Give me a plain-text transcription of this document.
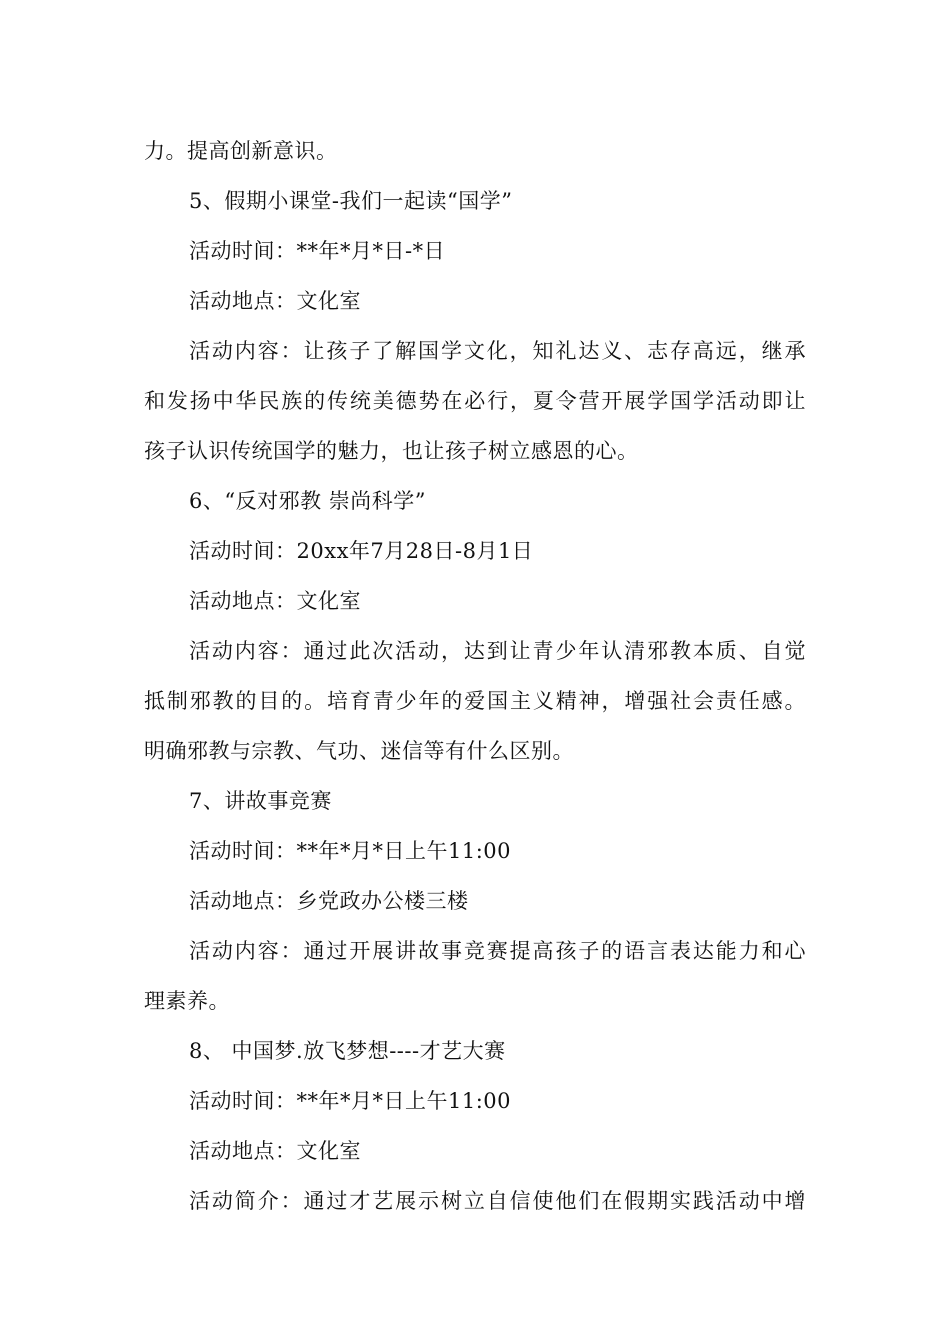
力。提高创新意识。
5、假期小课堂-我们一起读“国学”
活动时间：**年*月*日-*日
活动地点：文化室
活动内容：让孩子了解国学文化，知礼达义、志存高远，继承
和发扬中华民族的传统美德势在必行，夏令营开展学国学活动即让
孩子认识传统国学的魅力，也让孩子树立感恩的心。
6、“反对邪教 崇尚科学”
活动时间：20xx年7月28日-8月1日
活动地点：文化室
活动内容：通过此次活动，达到让青少年认清邪教本质、自觉
抵制邪教的目的。培育青少年的爱国主义精神，增强社会责任感。
明确邪教与宗教、气功、迷信等有什么区别。
7、讲故事竞赛
活动时间：**年*月*日上午11:00
活动地点：乡党政办公楼三楼
活动内容：通过开展讲故事竞赛提高孩子的语言表达能力和心
理素养。
8、 中国梦.放飞梦想----才艺大赛
活动时间：**年*月*日上午11:00
活动地点：文化室
活动简介：通过才艺展示树立自信使他们在假期实践活动中增
